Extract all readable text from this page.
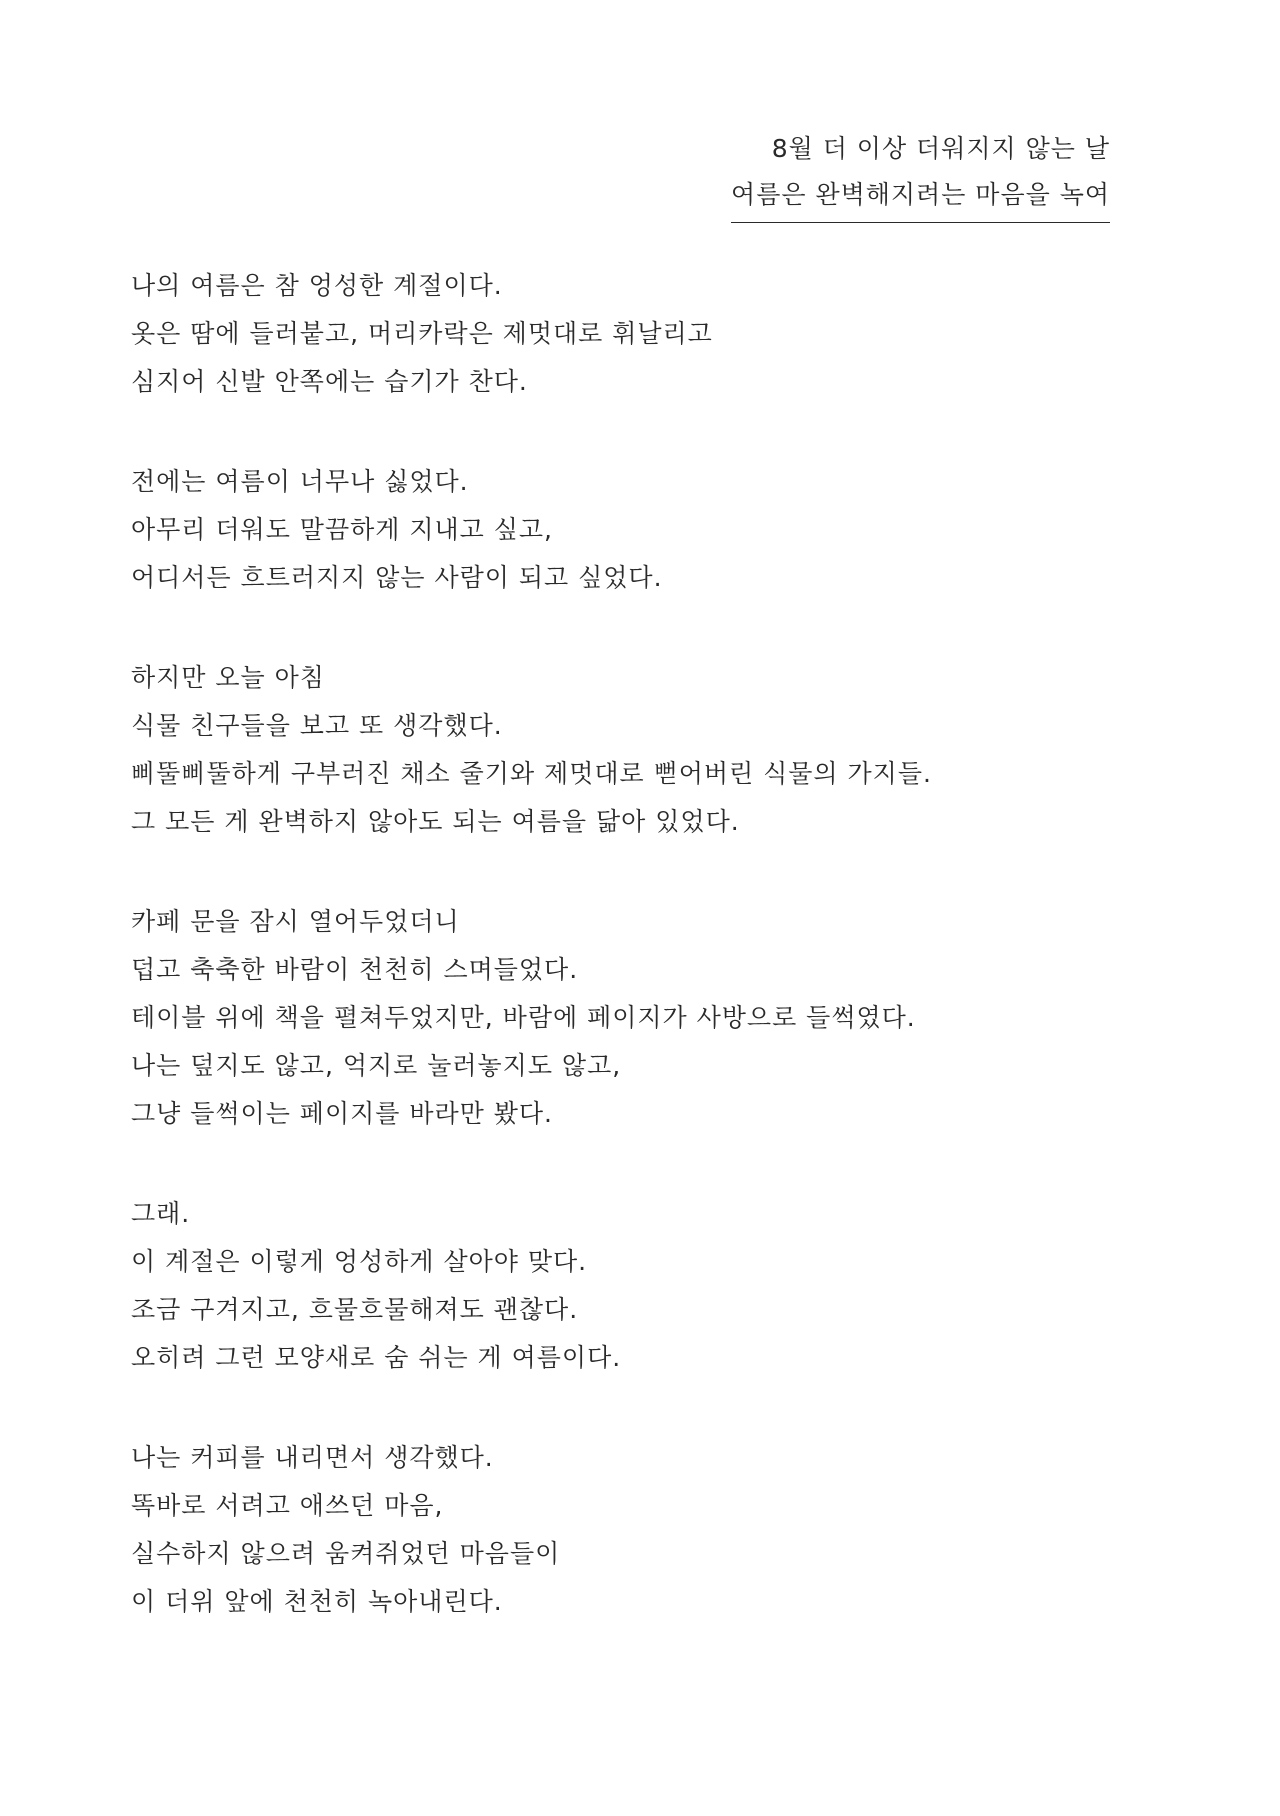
8월 더 이상 더워지지 않는 날
여름은 완벽해지려는 마음을 녹여
나의 여름은 참 엉성한 계절이다.
옷은 땀에 들러붙고, 머리카락은 제멋대로 휘날리고
심지어 신발 안쪽에는 습기가 찬다.
전에는 여름이 너무나 싫었다.
아무리 더워도 말끔하게 지내고 싶고,
어디서든 흐트러지지 않는 사람이 되고 싶었다.
하지만 오늘 아침
식물 친구들을 보고 또 생각했다.
삐뚤삐뚤하게 구부러진 채소 줄기와 제멋대로 뻗어버린 식물의 가지들.
그 모든 게 완벽하지 않아도 되는 여름을 닮아 있었다.
카페 문을 잠시 열어두었더니
덥고 축축한 바람이 천천히 스며들었다.
테이블 위에 책을 펼쳐두었지만, 바람에 페이지가 사방으로 들썩였다.
나는 덮지도 않고, 억지로 눌러놓지도 않고,
그냥 들썩이는 페이지를 바라만 봤다.
그래.
이 계절은 이렇게 엉성하게 살아야 맞다.
조금 구겨지고, 흐물흐물해져도 괜찮다.
오히려 그런 모양새로 숨 쉬는 게 여름이다.
나는 커피를 내리면서 생각했다.
똑바로 서려고 애쓰던 마음,
실수하지 않으려 움켜쥐었던 마음들이
이 더위 앞에 천천히 녹아내린다.
